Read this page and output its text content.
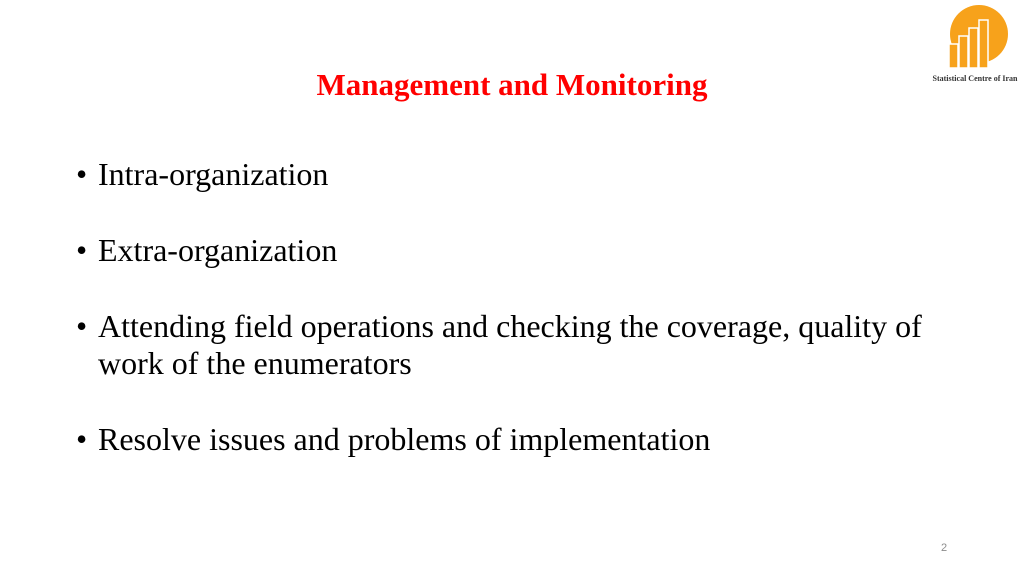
Statistical Centre of Iran
Management and Monitoring
• Intra-organization
• Extra-organization
• Attending field operations and checking the coverage, quality of work of the enumerators
• Resolve issues and problems of implementation
2
